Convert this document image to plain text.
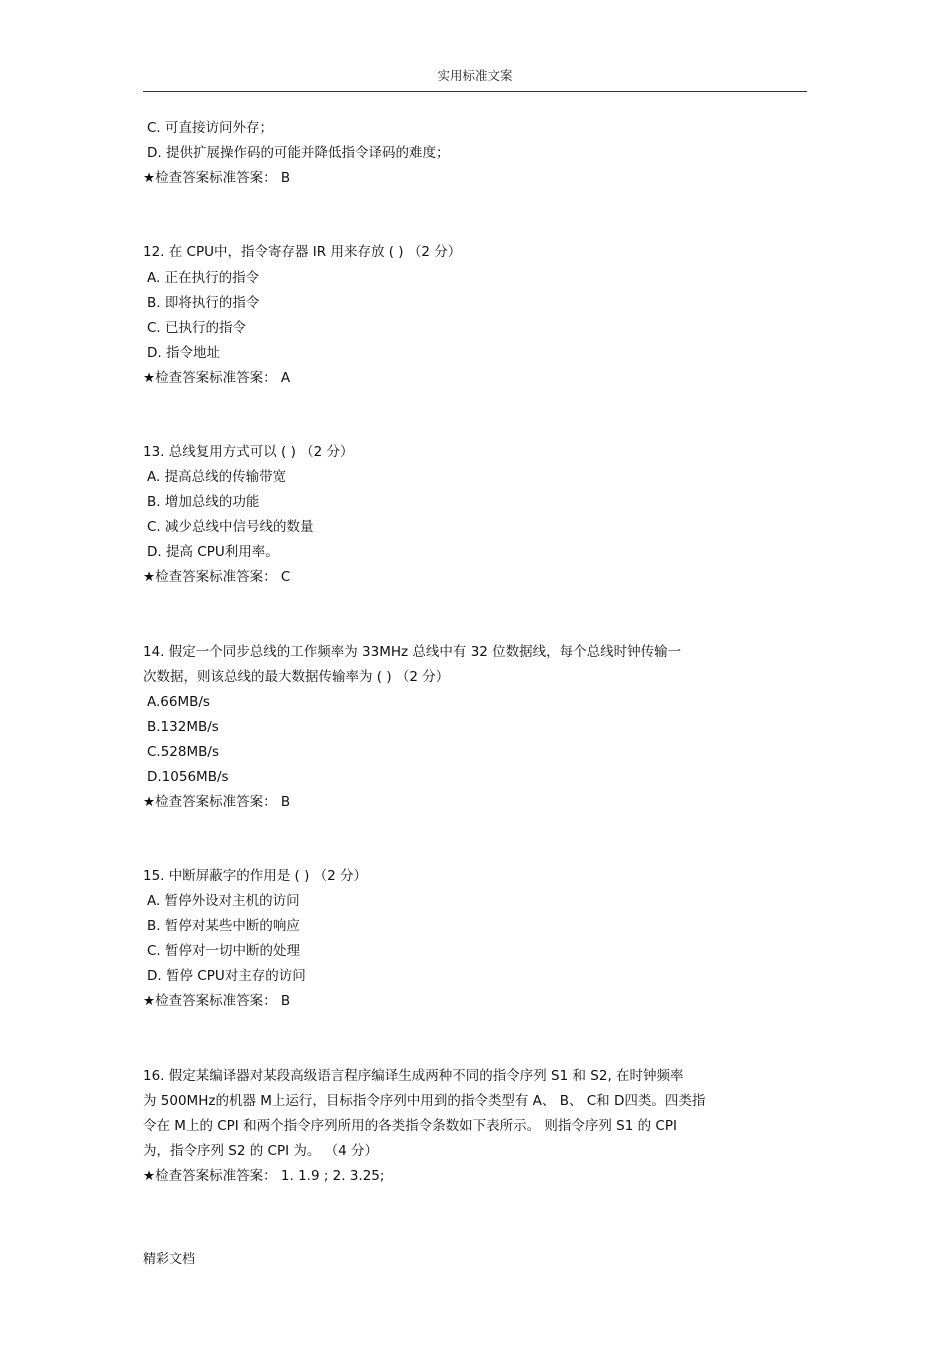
实用标准文案
C. 可直接访问外存；
D. 提供扩展操作码的可能并降低指令译码的难度；
★检查答案标准答案： B
12. 在 CPU中，指令寄存器 IR 用来存放 ( ) （2 分）
A. 正在执行的指令
B. 即将执行的指令
C. 已执行的指令
D. 指令地址
★检查答案标准答案： A
13. 总线复用方式可以 ( ) （2 分）
A. 提高总线的传输带宽
B. 增加总线的功能
C. 减少总线中信号线的数量
D. 提高 CPU利用率。
★检查答案标准答案： C
14. 假定一个同步总线的工作频率为 33MHz 总线中有 32 位数据线，每个总线时钟传输一
次数据，则该总线的最大数据传输率为 ( ) （2 分）
A.66MB/s
B.132MB/s
C.528MB/s
D.1056MB/s
★检查答案标准答案： B
15. 中断屏蔽字的作用是 ( ) （2 分）
A. 暂停外设对主机的访问
B. 暂停对某些中断的响应
C. 暂停对一切中断的处理
D. 暂停 CPU对主存的访问
★检查答案标准答案： B
16. 假定某编译器对某段高级语言程序编译生成两种不同的指令序列 S1 和 S2, 在时钟频率
为 500MHz的机器 M上运行，目标指令序列中用到的指令类型有 A、 B、 C和 D四类。四类指
令在 M上的 CPI 和两个指令序列所用的各类指令条数如下表所示。 则指令序列 S1 的 CPI
为，指令序列 S2 的 CPI 为。 （4 分）
★检查答案标准答案： 1. 1.9 ; 2. 3.25;
精彩文档
